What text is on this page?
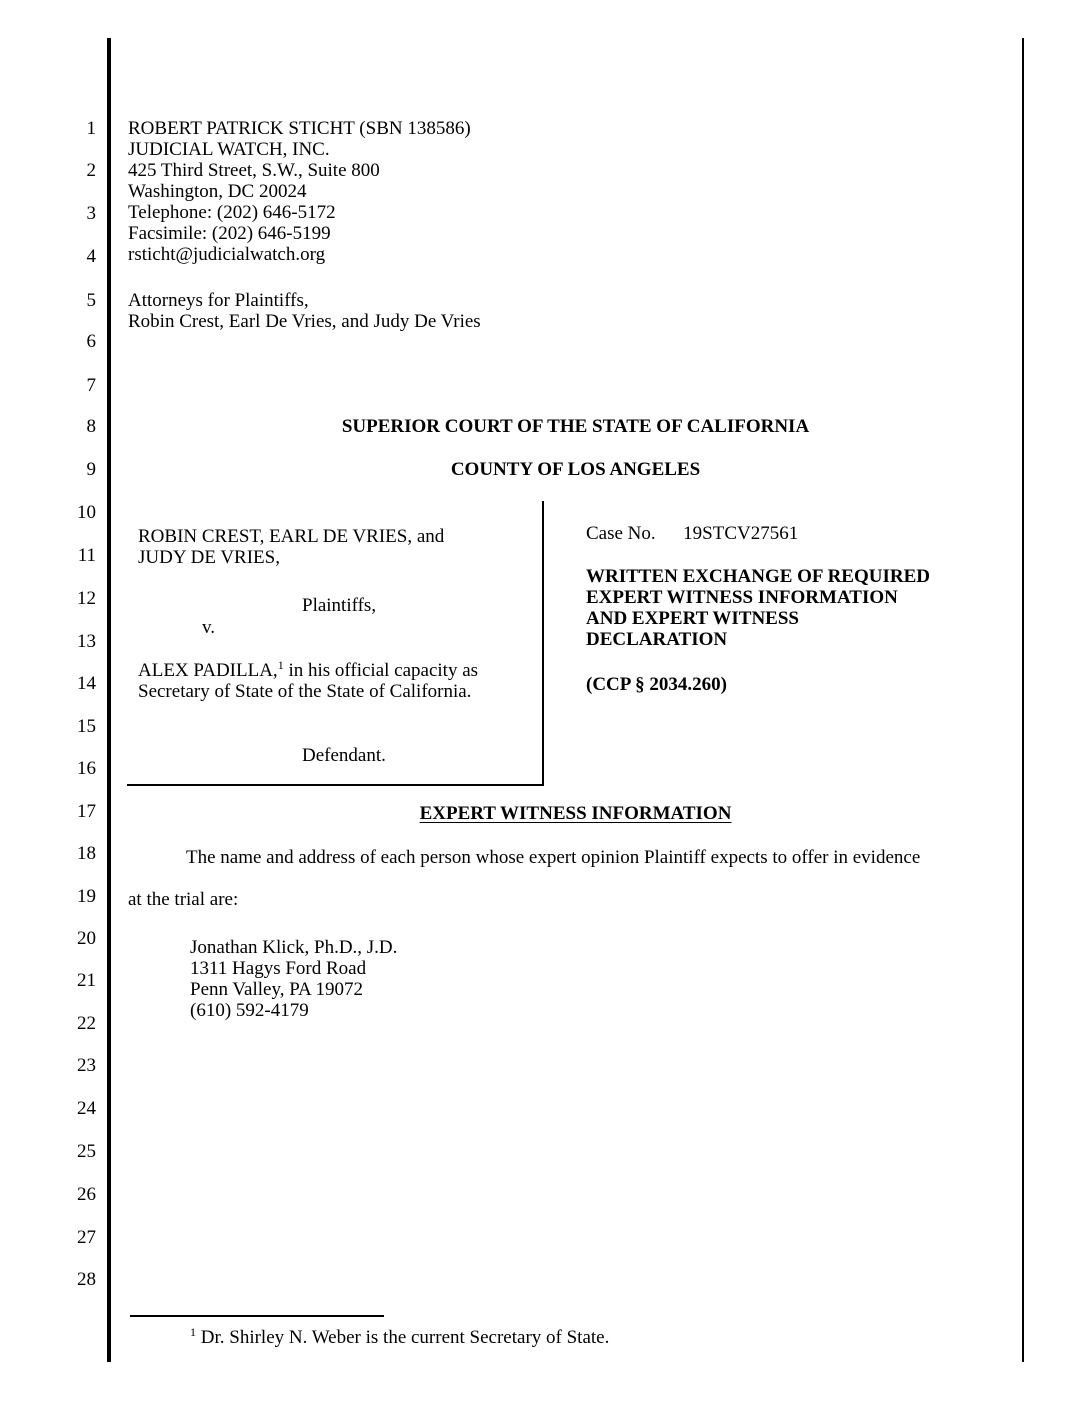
1
2
3
4
5
6
7
8
9
10
11
12
13
14
15
16
17
18
19
20
21
22
23
24
25
26
27
28
ROBERT PATRICK STICHT (SBN 138586)
JUDICIAL WATCH, INC.
425 Third Street, S.W., Suite 800
Washington, DC 20024
Telephone: (202) 646-5172
Facsimile: (202) 646-5199
rsticht@judicialwatch.org
Attorneys for Plaintiffs,
Robin Crest, Earl De Vries, and Judy De Vries
SUPERIOR COURT OF THE STATE OF CALIFORNIA
COUNTY OF LOS ANGELES
ROBIN CREST, EARL DE VRIES, and
JUDY DE VRIES,
Plaintiffs,
v.
ALEX PADILLA,$^1$ in his official capacity as
Secretary of State of the State of California.
Defendant.
Case No. 19STCV27561
WRITTEN EXCHANGE OF REQUIRED
EXPERT WITNESS INFORMATION
AND EXPERT WITNESS
DECLARATION
(CCP § 2034.260)
EXPERT WITNESS INFORMATION
The name and address of each person whose expert opinion Plaintiff expects to offer in evidence
at the trial are:
Jonathan Klick, Ph.D., J.D.
1311 Hagys Ford Road
Penn Valley, PA 19072
(610) 592-4179
$^1$ Dr. Shirley N. Weber is the current Secretary of State.
